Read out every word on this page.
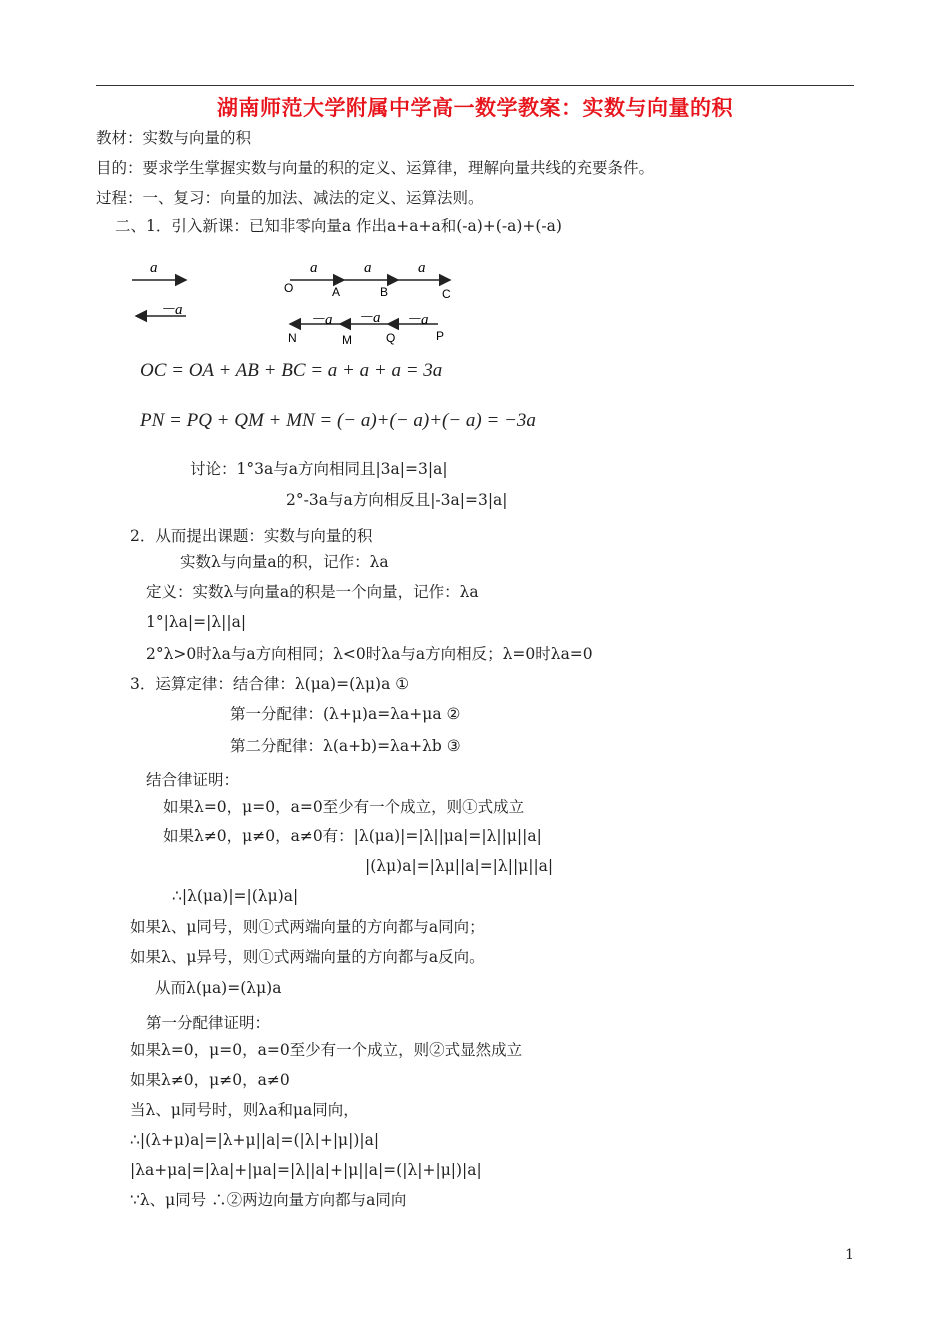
湖南师范大学附属中学高一数学教案：实数与向量的积
教材：实数与向量的积
目的：要求学生掌握实数与向量的积的定义、运算律，理解向量共线的充要条件。
过程：一、复习：向量的加法、减法的定义、运算法则。
二、1．引入新课：已知非零向量a 作出a+a+a和(-a)+(-a)+(-a)
a
－a
a	a	a
O	A	B	C
－a －a －a
N	M	Q	P
OC = OA + AB + BC = a + a + a = 3a
PN = PQ + QM + MN = (− a)+(− a)+(− a) = −3a
讨论：1°3a与a方向相同且|3a|=3|a|
2°-3a与a方向相反且|-3a|=3|a|
2．从而提出课题：实数与向量的积
实数λ与向量a的积，记作：λa
定义：实数λ与向量a的积是一个向量，记作：λa
1°|λa|=|λ||a|
2°λ>0时λa与a方向相同；λ<0时λa与a方向相反；λ=0时λa=0
3．运算定律：结合律：λ(μa)=(λμ)a ①
第一分配律：(λ+μ)a=λa+μa ②
第二分配律：λ(a+b)=λa+λb ③
结合律证明：
如果λ=0，μ=0，a=0至少有一个成立，则①式成立
如果λ≠0，μ≠0，a≠0有：|λ(μa)|=|λ||μa|=|λ||μ||a|
|(λμ)a|=|λμ||a|=|λ||μ||a|
∴|λ(μa)|=|(λμ)a|
如果λ、μ同号，则①式两端向量的方向都与a同向；
如果λ、μ异号，则①式两端向量的方向都与a反向。
从而λ(μa)=(λμ)a
第一分配律证明：
如果λ=0，μ=0，a=0至少有一个成立，则②式显然成立
如果λ≠0，μ≠0，a≠0
当λ、μ同号时，则λa和μa同向，
∴|(λ+μ)a|=|λ+μ||a|=(|λ|+|μ|)|a|
|λa+μa|=|λa|+|μa|=|λ||a|+|μ||a|=(|λ|+|μ|)|a|
∵λ、μ同号 ∴②两边向量方向都与a同向
1
